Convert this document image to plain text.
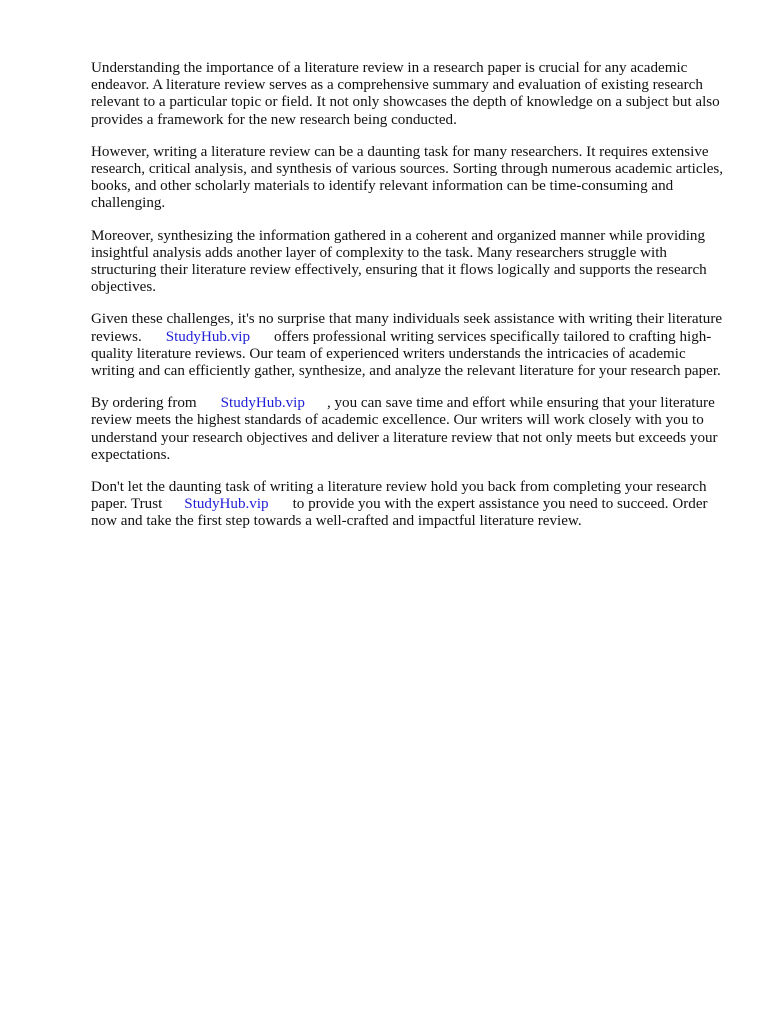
Understanding the importance of a literature review in a research paper is crucial for any academic endeavor. A literature review serves as a comprehensive summary and evaluation of existing research relevant to a particular topic or field. It not only showcases the depth of knowledge on a subject but also provides a framework for the new research being conducted.

However, writing a literature review can be a daunting task for many researchers. It requires extensive research, critical analysis, and synthesis of various sources. Sorting through numerous academic articles, books, and other scholarly materials to identify relevant information can be time-consuming and challenging.

Moreover, synthesizing the information gathered in a coherent and organized manner while providing insightful analysis adds another layer of complexity to the task. Many researchers struggle with structuring their literature review effectively, ensuring that it flows logically and supports the research objectives.

Given these challenges, it's no surprise that many individuals seek assistance with writing their literature reviews. StudyHub.vip offers professional writing services specifically tailored to crafting high-quality literature reviews. Our team of experienced writers understands the intricacies of academic writing and can efficiently gather, synthesize, and analyze the relevant literature for your research paper.

By ordering from StudyHub.vip , you can save time and effort while ensuring that your literature review meets the highest standards of academic excellence. Our writers will work closely with you to understand your research objectives and deliver a literature review that not only meets but exceeds your expectations.

Don't let the daunting task of writing a literature review hold you back from completing your research paper. Trust StudyHub.vip to provide you with the expert assistance you need to succeed. Order now and take the first step towards a well-crafted and impactful literature review.
